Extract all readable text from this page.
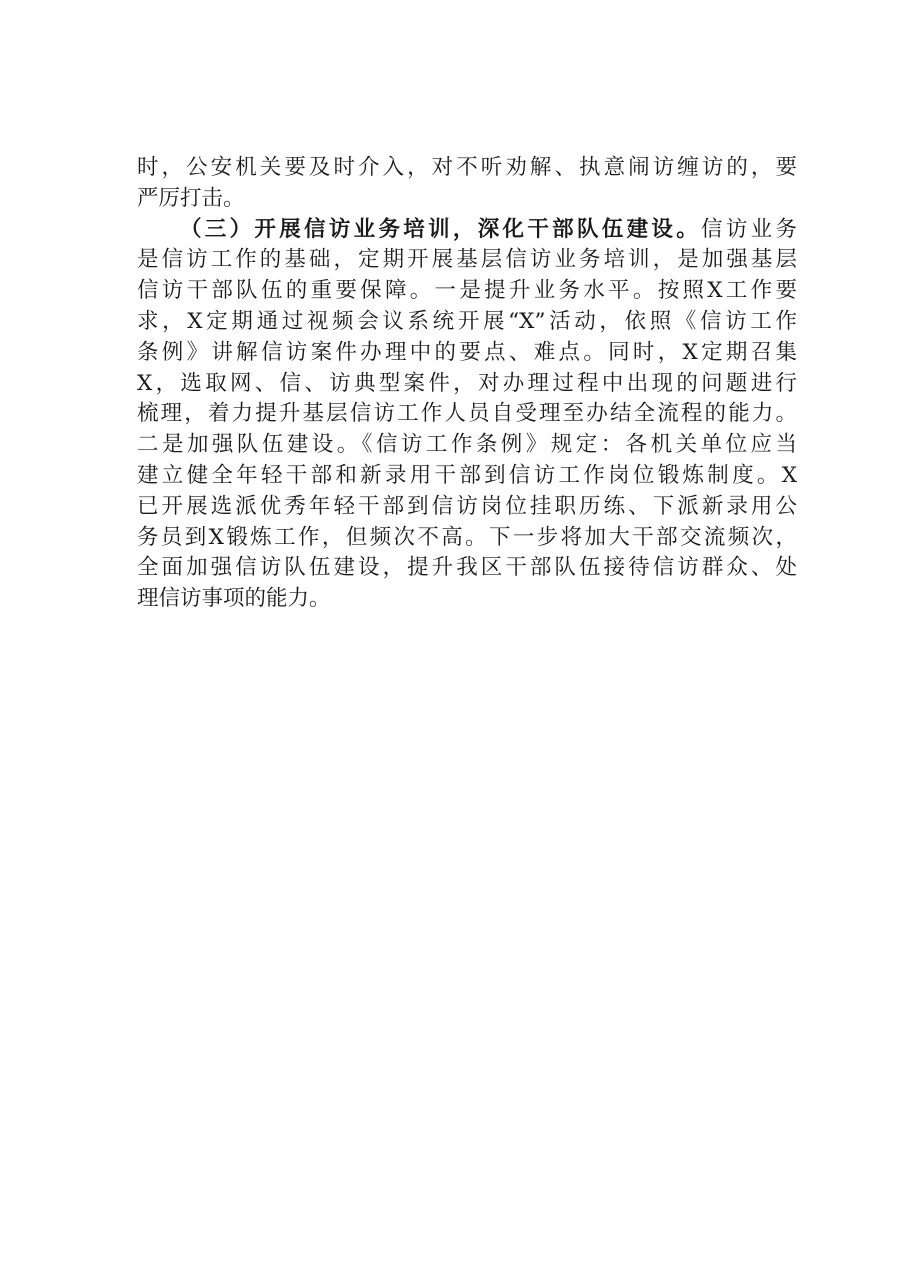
时，公安机关要及时介入，对不听劝解、执意闹访缠访的，要
严厉打击。
（三）开展信访业务培训，深化干部队伍建设。信访业务
是信访工作的基础，定期开展基层信访业务培训，是加强基层
信访干部队伍的重要保障。一是提升业务水平。按照X工作要
求，X定期通过视频会议系统开展“X”活动，依照《信访工作
条例》讲解信访案件办理中的要点、难点。同时，X定期召集
X，选取网、信、访典型案件，对办理过程中出现的问题进行
梳理，着力提升基层信访工作人员自受理至办结全流程的能力。
二是加强队伍建设。《信访工作条例》规定：各机关单位应当
建立健全年轻干部和新录用干部到信访工作岗位锻炼制度。X
已开展选派优秀年轻干部到信访岗位挂职历练、下派新录用公
务员到X锻炼工作，但频次不高。下一步将加大干部交流频次，
全面加强信访队伍建设，提升我区干部队伍接待信访群众、处
理信访事项的能力。
